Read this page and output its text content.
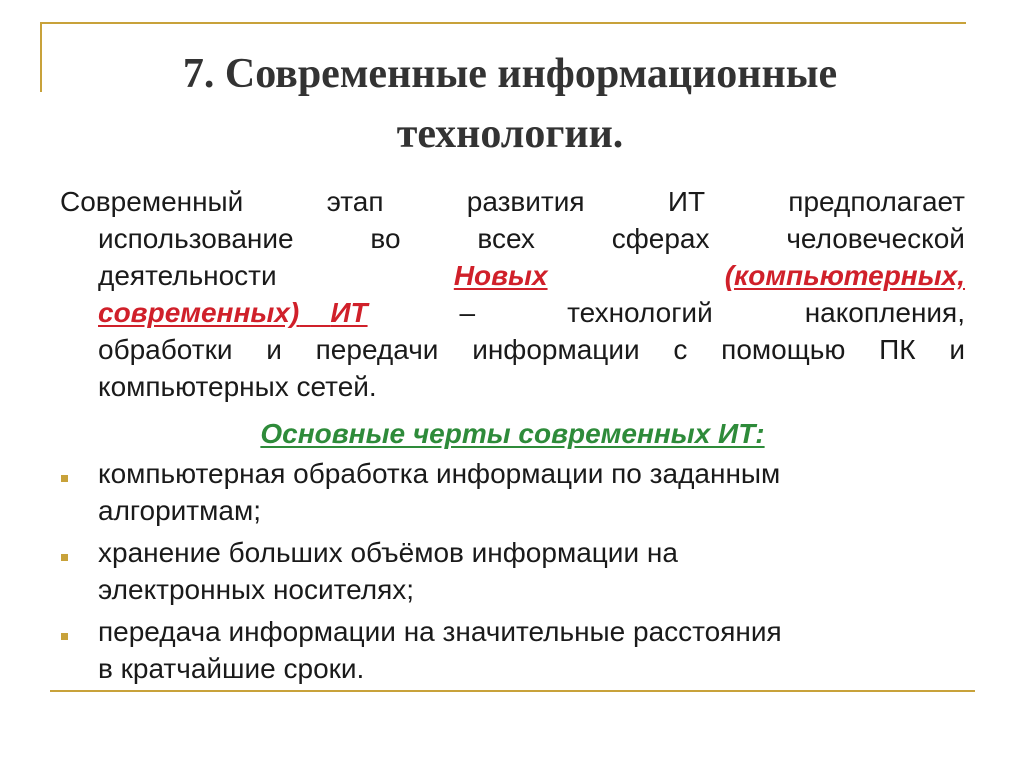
7. Современные информационные
технологии.
Современный	этап	развития	ИТ	предполагает
использование	во	всех	сферах	человеческой
деятельности	Новых	(компьютерных,
современных) ИТ	–	технологий	накопления,
обработки и передачи информации с помощью ПК и
компьютерных сетей.
Основные черты современных ИТ:
компьютерная обработка информации по заданным
алгоритмам;
хранение больших объёмов информации на
электронных носителях;
передача информации на значительные расстояния
в кратчайшие сроки.
